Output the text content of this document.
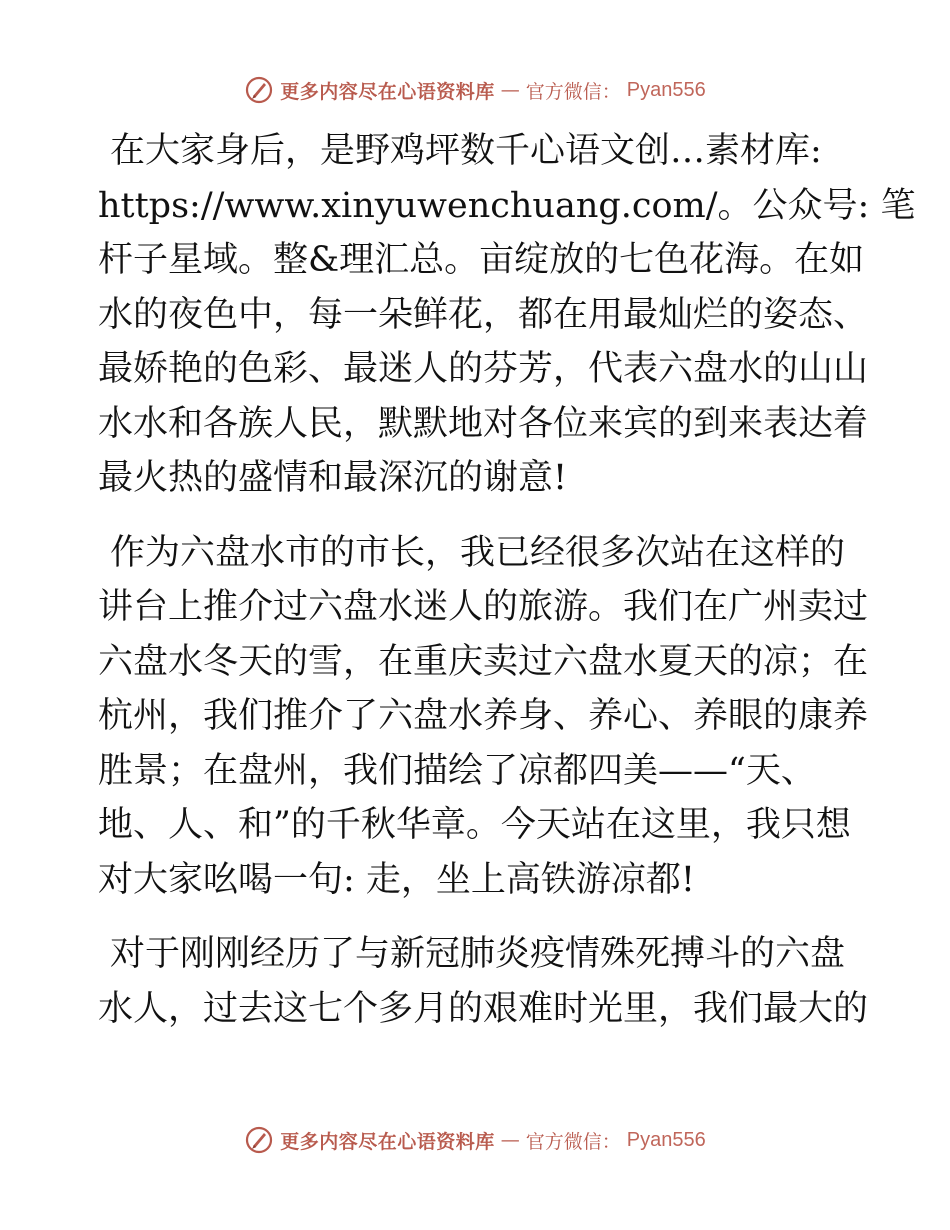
更多内容尽在心语资料库 — 官方微信： Pyan556
在大家身后，是野鸡坪数千心语文创…素材库:
https://www.xinyuwenchuang.com/。公众号: 笔
杆子星域。整&理汇总。亩绽放的七色花海。在如
水的夜色中，每一朵鲜花，都在用最灿烂的姿态、
最娇艳的色彩、最迷人的芬芳，代表六盘水的山山
水水和各族人民，默默地对各位来宾的到来表达着
最火热的盛情和最深沉的谢意!
作为六盘水市的市长，我已经很多次站在这样的
讲台上推介过六盘水迷人的旅游。我们在广州卖过
六盘水冬天的雪，在重庆卖过六盘水夏天的凉；在
杭州，我们推介了六盘水养身、养心、养眼的康养
胜景；在盘州，我们描绘了凉都四美——“天、
地、人、和”的千秋华章。今天站在这里，我只想
对大家吆喝一句: 走，坐上高铁游凉都!
对于刚刚经历了与新冠肺炎疫情殊死搏斗的六盘
水人，过去这七个多月的艰难时光里，我们最大的
更多内容尽在心语资料库 — 官方微信： Pyan556
